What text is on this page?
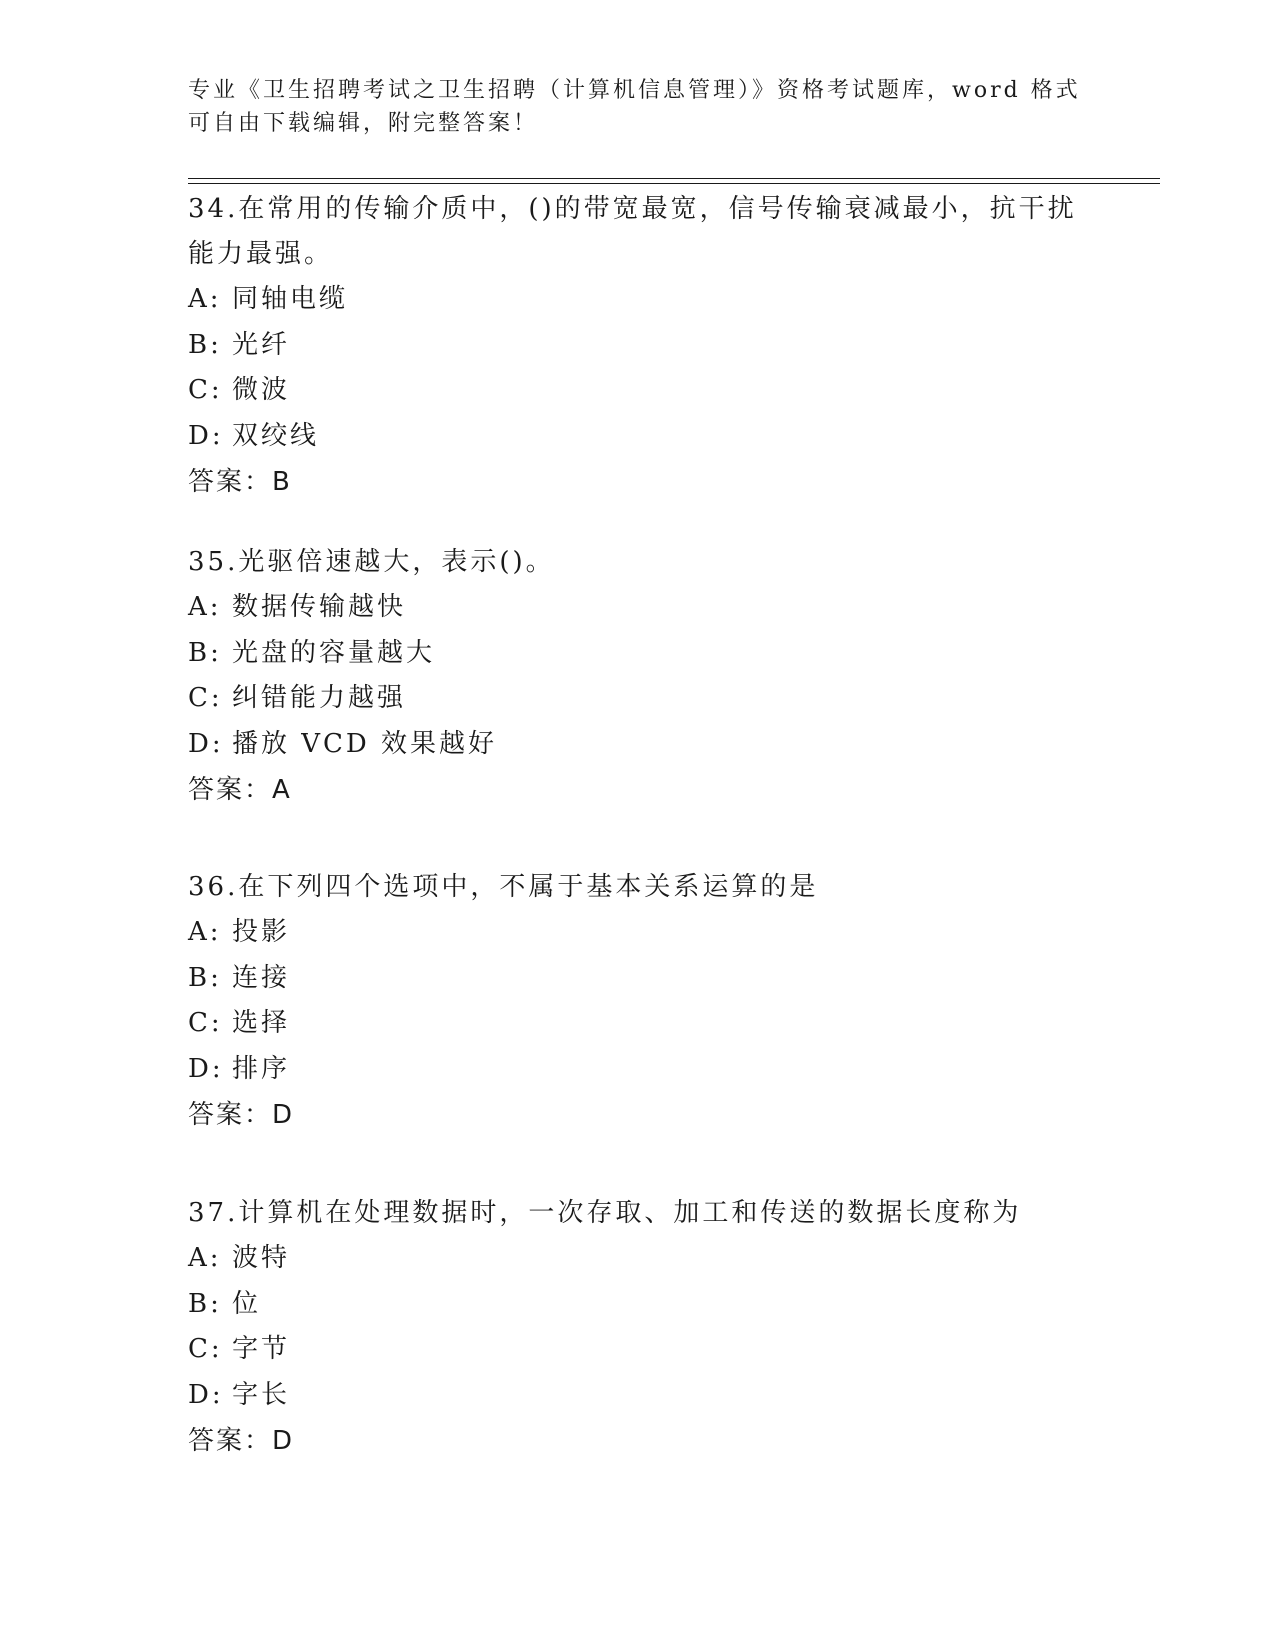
专业《卫生招聘考试之卫生招聘（计算机信息管理）》资格考试题库，word 格式
可自由下载编辑，附完整答案！
34.在常用的传输介质中，()的带宽最宽，信号传输衰减最小，抗干扰
能力最强。
A: 同轴电缆
B: 光纤
C: 微波
D: 双绞线
答案：B
35.光驱倍速越大，表示()。
A: 数据传输越快
B: 光盘的容量越大
C: 纠错能力越强
D: 播放 VCD 效果越好
答案：A
36.在下列四个选项中，不属于基本关系运算的是
A: 投影
B: 连接
C: 选择
D: 排序
答案：D
37.计算机在处理数据时，一次存取、加工和传送的数据长度称为
A: 波特
B: 位
C: 字节
D: 字长
答案：D
